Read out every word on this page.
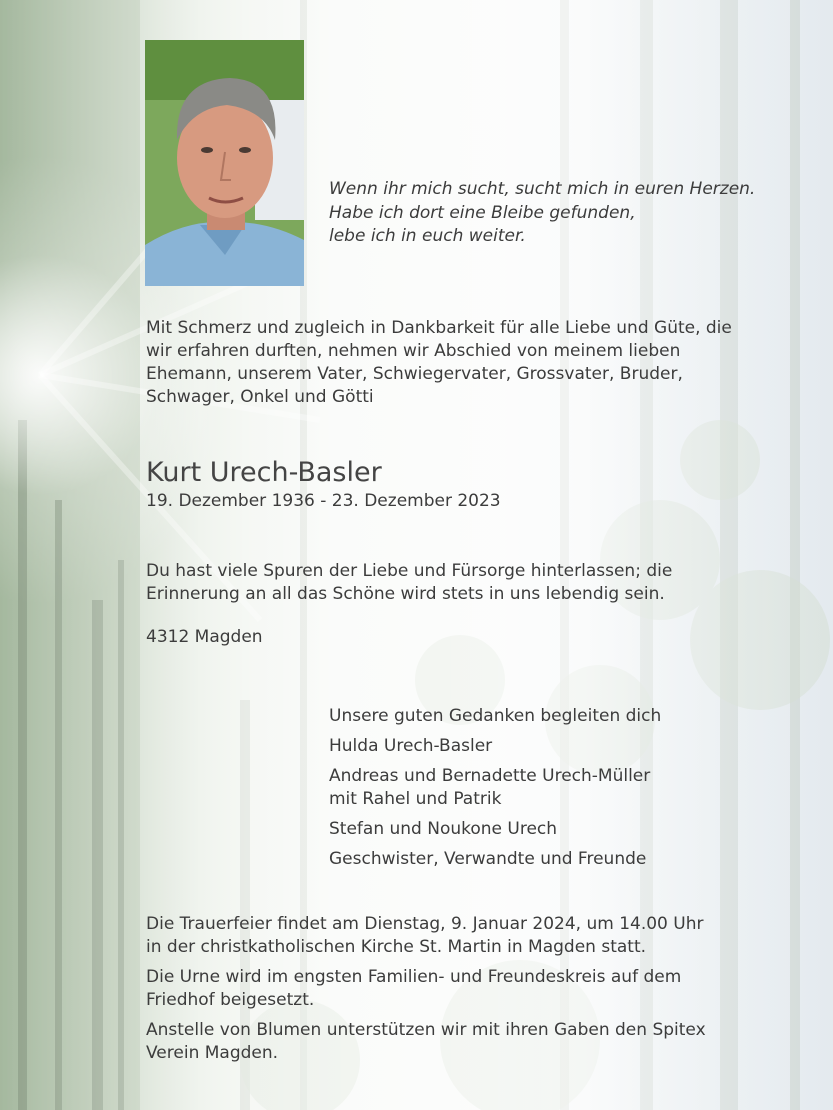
Wenn ihr mich sucht, sucht mich in euren Herzen.
Habe ich dort eine Bleibe gefunden,
lebe ich in euch weiter.
Mit Schmerz und zugleich in Dankbarkeit für alle Liebe und Güte, die
wir erfahren durften, nehmen wir Abschied von meinem lieben
Ehemann, unserem Vater, Schwiegervater, Grossvater, Bruder,
Schwager, Onkel und Götti
Kurt Urech-Basler
19. Dezember 1936 - 23. Dezember 2023
Du hast viele Spuren der Liebe und Fürsorge hinterlassen; die
Erinnerung an all das Schöne wird stets in uns lebendig sein.
4312 Magden
Unsere guten Gedanken begleiten dich
Hulda Urech-Basler
Andreas und Bernadette Urech-Müller
mit Rahel und Patrik
Stefan und Noukone Urech
Geschwister, Verwandte und Freunde
Die Trauerfeier findet am Dienstag, 9. Januar 2024, um 14.00 Uhr
in der christkatholischen Kirche St. Martin in Magden statt.
Die Urne wird im engsten Familien- und Freundeskreis auf dem
Friedhof beigesetzt.
Anstelle von Blumen unterstützen wir mit ihren Gaben den Spitex
Verein Magden.
